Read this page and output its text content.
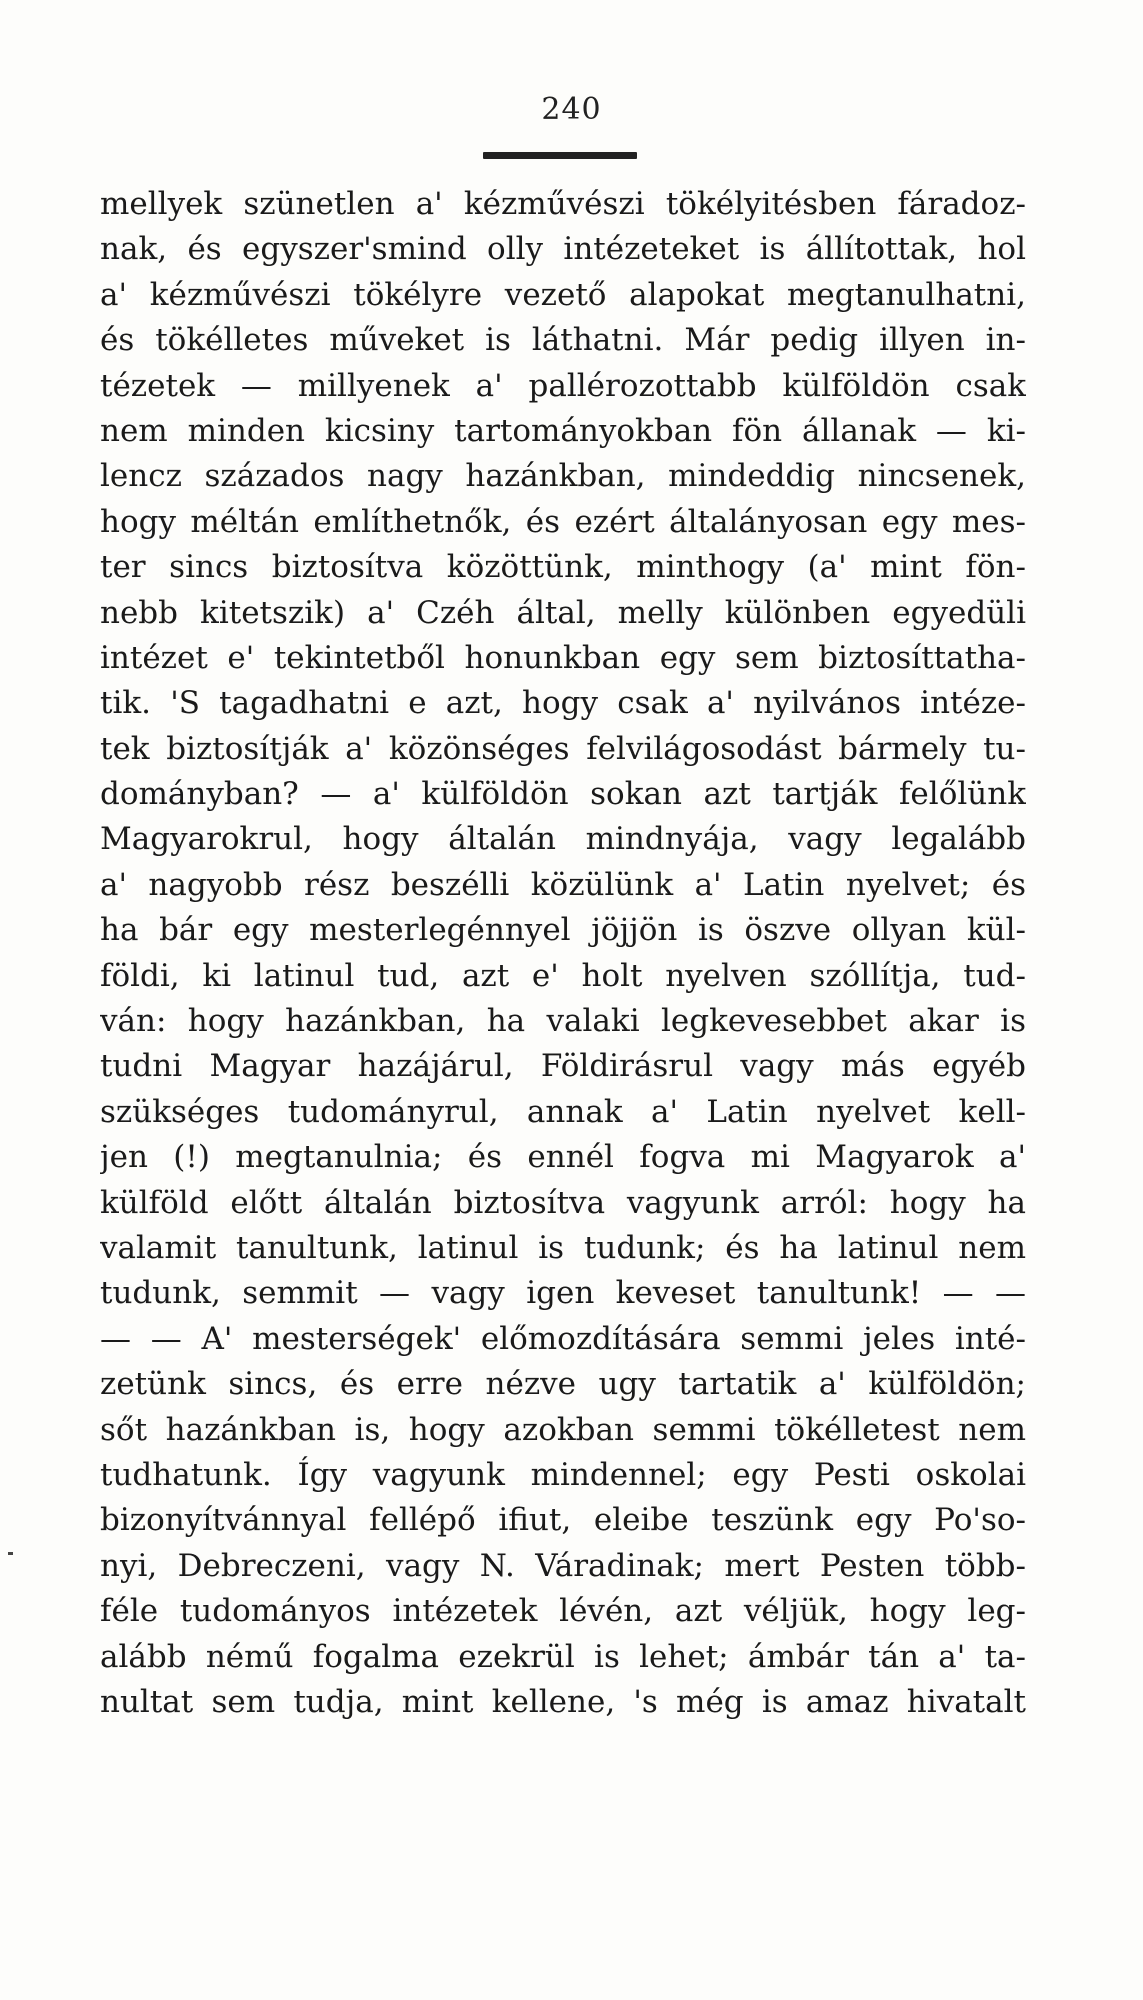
240
mellyek szünetlen a' kézművészi tökélyitésben fáradoz-
nak, és egyszer'smind olly intézeteket is állítottak, hol
a' kézművészi tökélyre vezető alapokat megtanulhatni,
és tökélletes műveket is láthatni. Már pedig illyen in-
tézetek — millyenek a' pallérozottabb külföldön csak
nem minden kicsiny tartományokban fön állanak — ki-
lencz százados nagy hazánkban, mindeddig nincsenek,
hogy méltán említhetnők, és ezért általányosan egy mes-
ter sincs biztosítva közöttünk, minthogy (a' mint fön-
nebb kitetszik) a' Czéh által, melly különben egyedüli
intézet e' tekintetből honunkban egy sem biztosíttatha-
tik. 'S tagadhatni e azt, hogy csak a' nyilvános intéze-
tek biztosítják a' közönséges felvilágosodást bármely tu-
dományban? — a' külföldön sokan azt tartják felőlünk
Magyarokrul, hogy általán mindnyája, vagy legalább
a' nagyobb rész beszélli közülünk a' Latin nyelvet; és
ha bár egy mesterlegénnyel jöjjön is öszve ollyan kül-
földi, ki latinul tud, azt e' holt nyelven szóllítja, tud-
ván: hogy hazánkban, ha valaki legkevesebbet akar is
tudni Magyar hazájárul, Földirásrul vagy más egyéb
szükséges tudományrul, annak a' Latin nyelvet kell-
jen (!) megtanulnia; és ennél fogva mi Magyarok a'
külföld előtt általán biztosítva vagyunk arról: hogy ha
valamit tanultunk, latinul is tudunk; és ha latinul nem
tudunk, semmit — vagy igen keveset tanultunk! — —
— — A' mesterségek' előmozdítására semmi jeles inté-
zetünk sincs, és erre nézve ugy tartatik a' külföldön;
sőt hazánkban is, hogy azokban semmi tökélletest nem
tudhatunk. Így vagyunk mindennel; egy Pesti oskolai
bizonyítvánnyal fellépő ifiut, eleibe teszünk egy Po'so-
nyi, Debreczeni, vagy N. Váradinak; mert Pesten több-
féle tudományos intézetek lévén, azt véljük, hogy leg-
alább némű fogalma ezekrül is lehet; ámbár tán a' ta-
nultat sem tudja, mint kellene, 's még is amaz hivatalt
